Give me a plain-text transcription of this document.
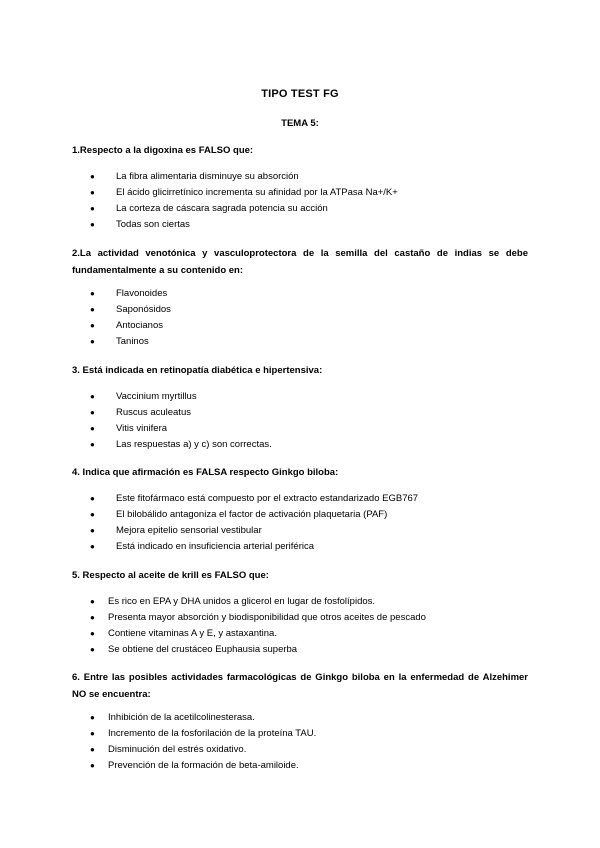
TIPO TEST FG
TEMA 5:
1.Respecto a la digoxina es FALSO que:
● La fibra alimentaria disminuye su absorción
● El ácido glicirretínico incrementa su afinidad por la ATPasa Na+/K+
● La corteza de cáscara sagrada potencia su acción
● Todas son ciertas
2.La actividad venotónica y vasculoprotectora de la semilla del castaño de indias se debe fundamentalmente a su contenido en:
● Flavonoides
● Saponósidos
● Antocianos
● Taninos
3. Está indicada en retinopatía diabética e hipertensiva:
● Vaccinium myrtillus
● Ruscus aculeatus
● Vitis vinifera
● Las respuestas a) y c) son correctas.
4. Indica que afirmación es FALSA respecto Ginkgo biloba:
● Este fitofármaco está compuesto por el extracto estandarizado EGB767
● El bilobálido antagoniza el factor de activación plaquetaria (PAF)
● Mejora epitelio sensorial vestibular
● Está indicado en insuficiencia arterial periférica
5. Respecto al aceite de krill es FALSO que:
● Es rico en EPA y DHA unidos a glicerol en lugar de fosfolípidos.
● Presenta mayor absorción y biodisponibilidad que otros aceites de pescado
● Contiene vitaminas A y E, y astaxantina.
● Se obtiene del crustáceo Euphausia superba
6. Entre las posibles actividades farmacológicas de Ginkgo biloba en la enfermedad de Alzehimer NO se encuentra:
● Inhibición de la acetilcolinesterasa.
● Incremento de la fosforilación de la proteína TAU.
● Disminución del estrés oxidativo.
● Prevención de la formación de beta-amiloide.
